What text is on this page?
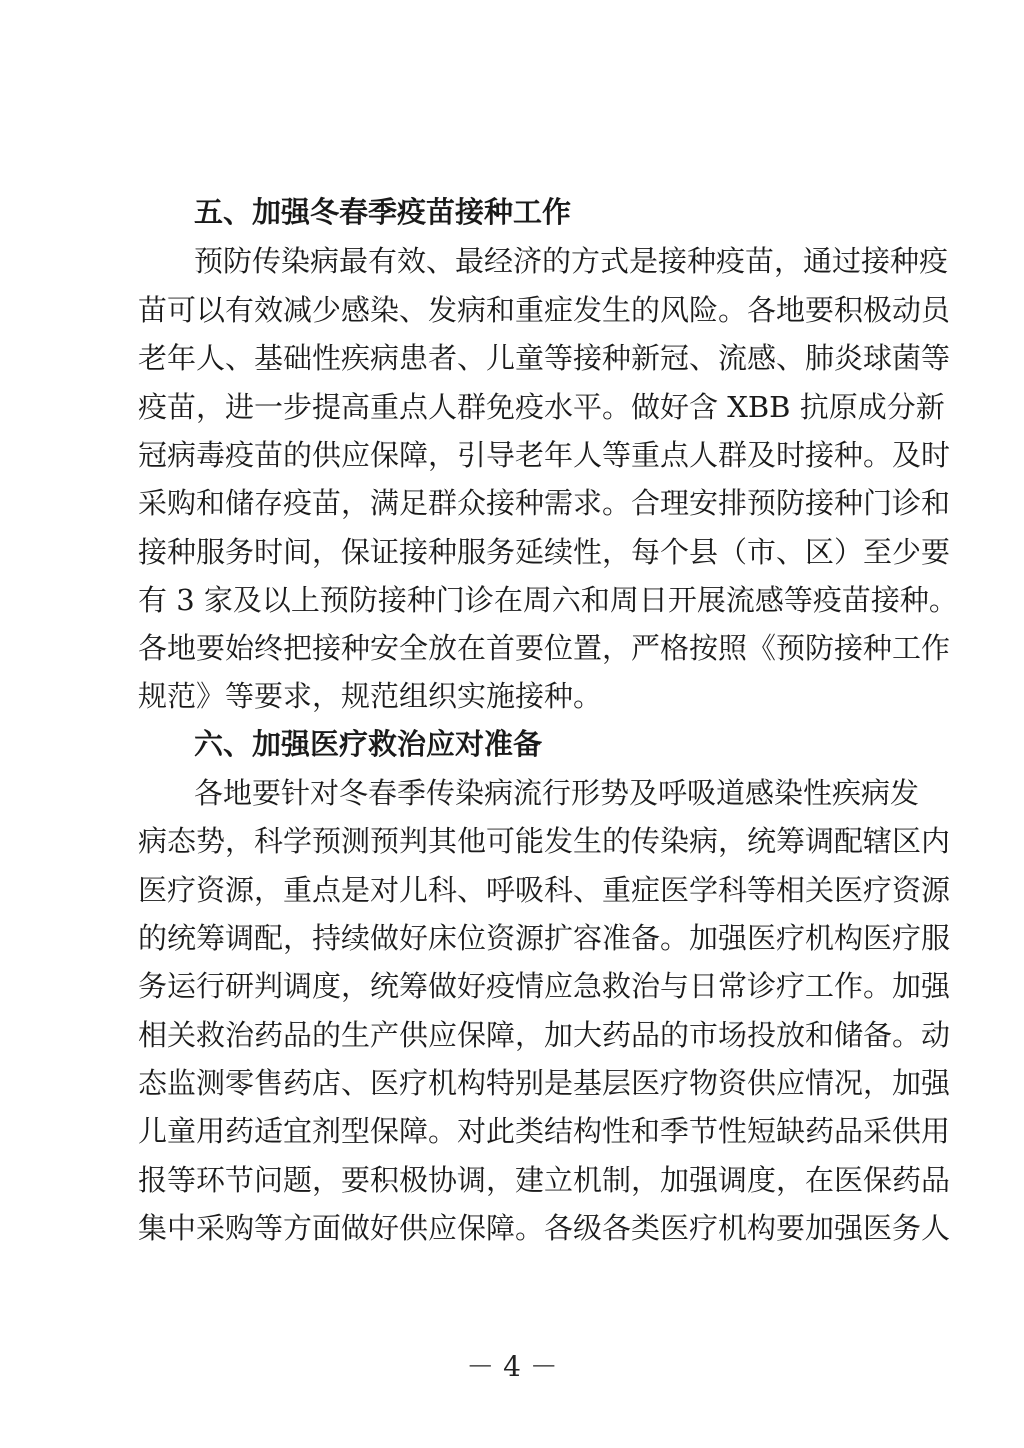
五、加强冬春季疫苗接种工作
预防传染病最有效、最经济的方式是接种疫苗，通过接种疫
苗可以有效减少感染、发病和重症发生的风险。各地要积极动员
老年人、基础性疾病患者、儿童等接种新冠、流感、肺炎球菌等
疫苗，进一步提高重点人群免疫水平。做好含 XBB 抗原成分新
冠病毒疫苗的供应保障，引导老年人等重点人群及时接种。及时
采购和储存疫苗，满足群众接种需求。合理安排预防接种门诊和
接种服务时间，保证接种服务延续性，每个县（市、区）至少要
有 3 家及以上预防接种门诊在周六和周日开展流感等疫苗接种。
各地要始终把接种安全放在首要位置，严格按照《预防接种工作
规范》等要求，规范组织实施接种。
六、加强医疗救治应对准备
各地要针对冬春季传染病流行形势及呼吸道感染性疾病发
病态势，科学预测预判其他可能发生的传染病，统筹调配辖区内
医疗资源，重点是对儿科、呼吸科、重症医学科等相关医疗资源
的统筹调配，持续做好床位资源扩容准备。加强医疗机构医疗服
务运行研判调度，统筹做好疫情应急救治与日常诊疗工作。加强
相关救治药品的生产供应保障，加大药品的市场投放和储备。动
态监测零售药店、医疗机构特别是基层医疗物资供应情况，加强
儿童用药适宜剂型保障。对此类结构性和季节性短缺药品采供用
报等环节问题，要积极协调，建立机制，加强调度，在医保药品
集中采购等方面做好供应保障。各级各类医疗机构要加强医务人
－ 4 －
